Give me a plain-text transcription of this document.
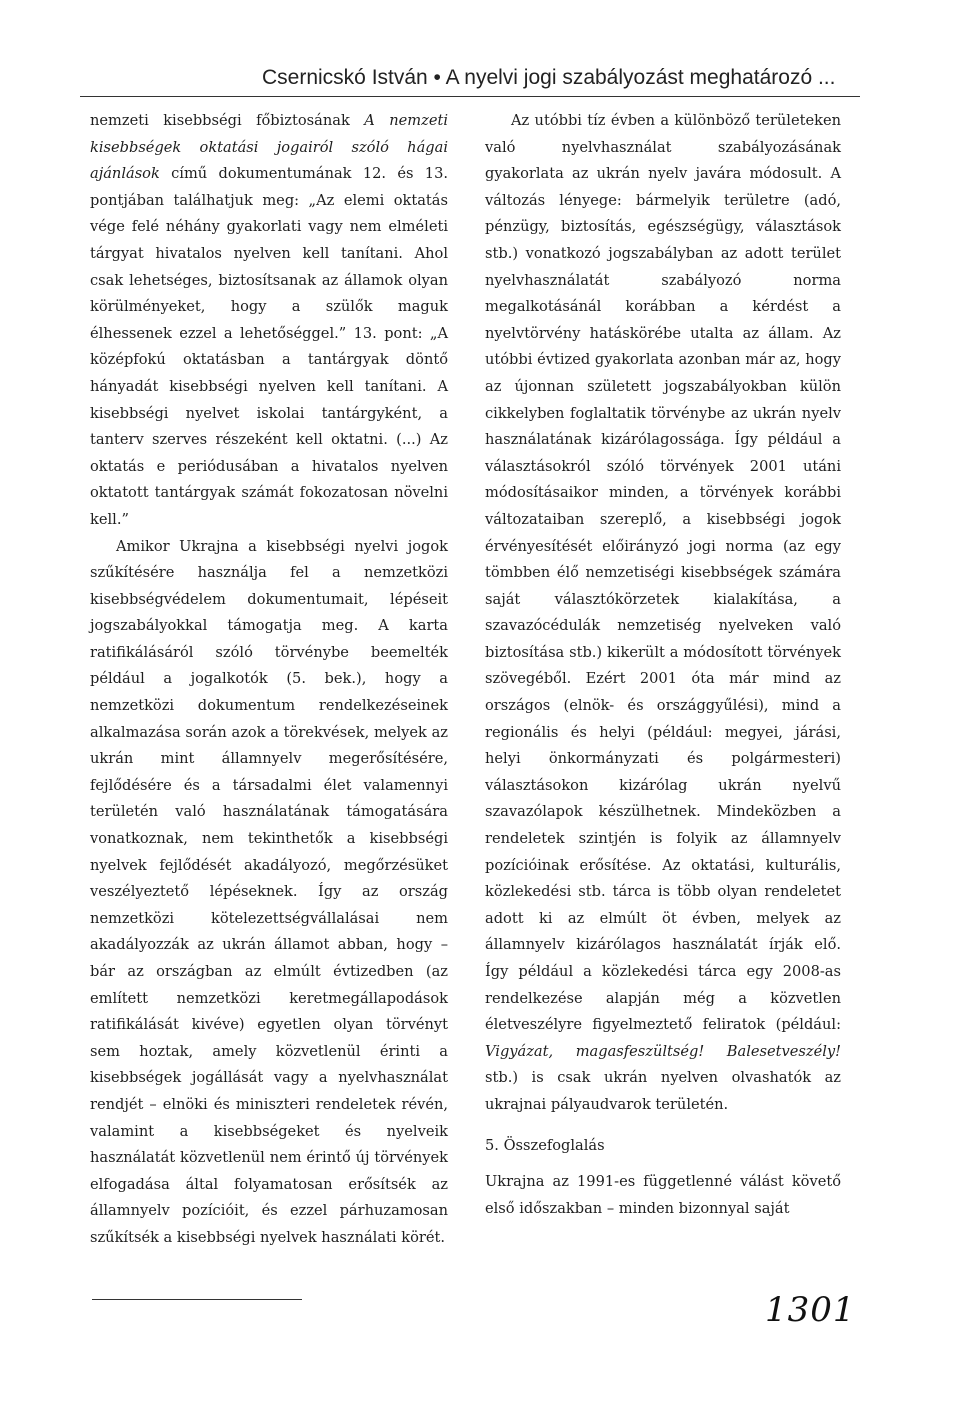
Csernicskó István • A nyelvi jogi szabályozást meghatározó ...

nemzeti kisebbségi főbiztosának A nemzeti kisebbségek oktatási jogairól szóló hágai ajánlások című dokumentumának 12. és 13. pontjában találhatjuk meg: „Az elemi oktatás vége felé néhány gyakorlati vagy nem elméleti tárgyat hivatalos nyelven kell tanítani. Ahol csak lehetséges, biztosítsanak az államok olyan körülményeket, hogy a szülők maguk élhessenek ezzel a lehetőséggel.” 13. pont: „A középfokú oktatásban a tantárgyak döntő hányadát kisebbségi nyelven kell tanítani. A kisebbségi nyelvet iskolai tantárgyként, a tanterv szerves részeként kell oktatni. (...) Az oktatás e periódusában a hivatalos nyelven oktatott tantárgyak számát fokozatosan növelni kell.”

Amikor Ukrajna a kisebbségi nyelvi jogok szűkítésére használja fel a nemzetközi kisebbségvédelem dokumentumait, lépéseit jogszabályokkal támogatja meg. A karta ratifikálásáról szóló törvénybe beemelték például a jogalkotók (5. bek.), hogy a nemzetközi dokumentum rendelkezéseinek alkalmazása során azok a törekvések, melyek az ukrán mint államnyelv megerősítésére, fejlődésére és a társadalmi élet valamennyi területén való használatának támogatására vonatkoznak, nem tekinthetők a kisebbségi nyelvek fejlődését akadályozó, megőrzésüket veszélyeztető lépéseknek. Így az ország nemzetközi kötelezettségvállalásai nem akadályozzák az ukrán államot abban, hogy – bár az országban az elmúlt évtizedben (az említett nemzetközi keretmegállapodások ratifikálását kivéve) egyetlen olyan törvényt sem hoztak, amely közvetlenül érinti a kisebbségek jogállását vagy a nyelvhasználat rendjét – elnöki és miniszteri rendeletek révén, valamint a kisebbségeket és nyelveik használatát közvetlenül nem érintő új törvények elfogadása által folyamatosan erősítsék az államnyelv pozícióit, és ezzel párhuzamosan szűkítsék a kisebbségi nyelvek használati körét.

Az utóbbi tíz évben a különböző területeken való nyelvhasználat szabályozásának gyakorlata az ukrán nyelv javára módosult. A változás lényege: bármelyik területre (adó, pénzügy, biztosítás, egészségügy, választások stb.) vonatkozó jogszabályban az adott terület nyelvhasználatát szabályozó norma megalkotásánál korábban a kérdést a nyelvtörvény hatáskörébe utalta az állam. Az utóbbi évtized gyakorlata azonban már az, hogy az újonnan született jogszabályokban külön cikkelyben foglaltatik törvénybe az ukrán nyelv használatának kizárólagossága. Így például a választásokról szóló törvények 2001 utáni módosításaikor minden, a törvények korábbi változataiban szereplő, a kisebbségi jogok érvényesítését előirányzó jogi norma (az egy tömbben élő nemzetiségi kisebbségek számára saját választókörzetek kialakítása, a szavazócédulák nemzetiség nyelveken való biztosítása stb.) kikerült a módosított törvények szövegéből. Ezért 2001 óta már mind az országos (elnök- és országgyűlési), mind a regionális és helyi (például: megyei, járási, helyi önkormányzati és polgármesteri) választásokon kizárólag ukrán nyelvű szavazólapok készülhetnek. Mindeközben a rendeletek szintjén is folyik az államnyelv pozícióinak erősítése. Az oktatási, kulturális, közlekedési stb. tárca is több olyan rendeletet adott ki az elmúlt öt évben, melyek az államnyelv kizárólagos használatát írják elő. Így például a közlekedési tárca egy 2008-as rendelkezése alapján még a közvetlen életveszélyre figyelmeztető feliratok (például: Vigyázat, magasfeszültség! Balesetveszély! stb.) is csak ukrán nyelven olvashatók az ukrajnai pályaudvarok területén.

5. Összefoglalás

Ukrajna az 1991-es függetlenné válást követő első időszakban – minden bizonnyal saját

1301
